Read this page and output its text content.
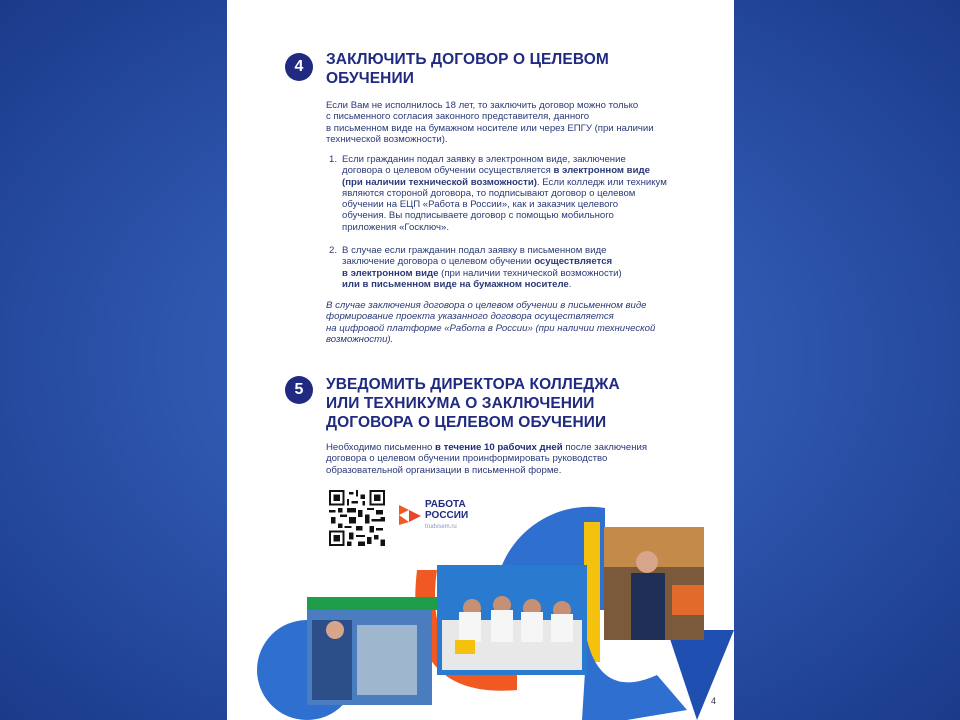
4	ЗАКЛЮЧИТЬ ДОГОВОР О ЦЕЛЕВОМ
ОБУЧЕНИИ
Если Вам не исполнилось 18 лет, то заключить договор можно только
с письменного согласия законного представителя, данного
в письменном виде на бумажном носителе или через ЕПГУ (при наличии
технической возможности).
1. Если гражданин подал заявку в электронном виде, заключение
договора о целевом обучении осуществляется в электронном виде
(при наличии технической возможности). Если колледж или техникум
являются стороной договора, то подписывают договор о целевом
обучении на ЕЦП «Работа в России», как и заказчик целевого
обучения. Вы подписываете договор с помощью мобильного
приложения «Госключ».
2. В случае если гражданин подал заявку в письменном виде
заключение договора о целевом обучении осуществляется
в электронном виде (при наличии технической возможности)
или в письменном виде на бумажном носителе.
В случае заключения договора о целевом обучении в письменном виде
формирование проекта указанного договора осуществляется
на цифровой платформе «Работа в России» (при наличии технической
возможности).
5	УВЕДОМИТЬ ДИРЕКТОРА КОЛЛЕДЖА
ИЛИ ТЕХНИКУМА О ЗАКЛЮЧЕНИИ
ДОГОВОРА О ЦЕЛЕВОМ ОБУЧЕНИИ
Необходимо письменно в течение 10 рабочих дней после заключения
договора о целевом обучении проинформировать руководство
образовательной организации в письменной форме.
РАБОТА
РОССИИ
trudvsem.ru
4
